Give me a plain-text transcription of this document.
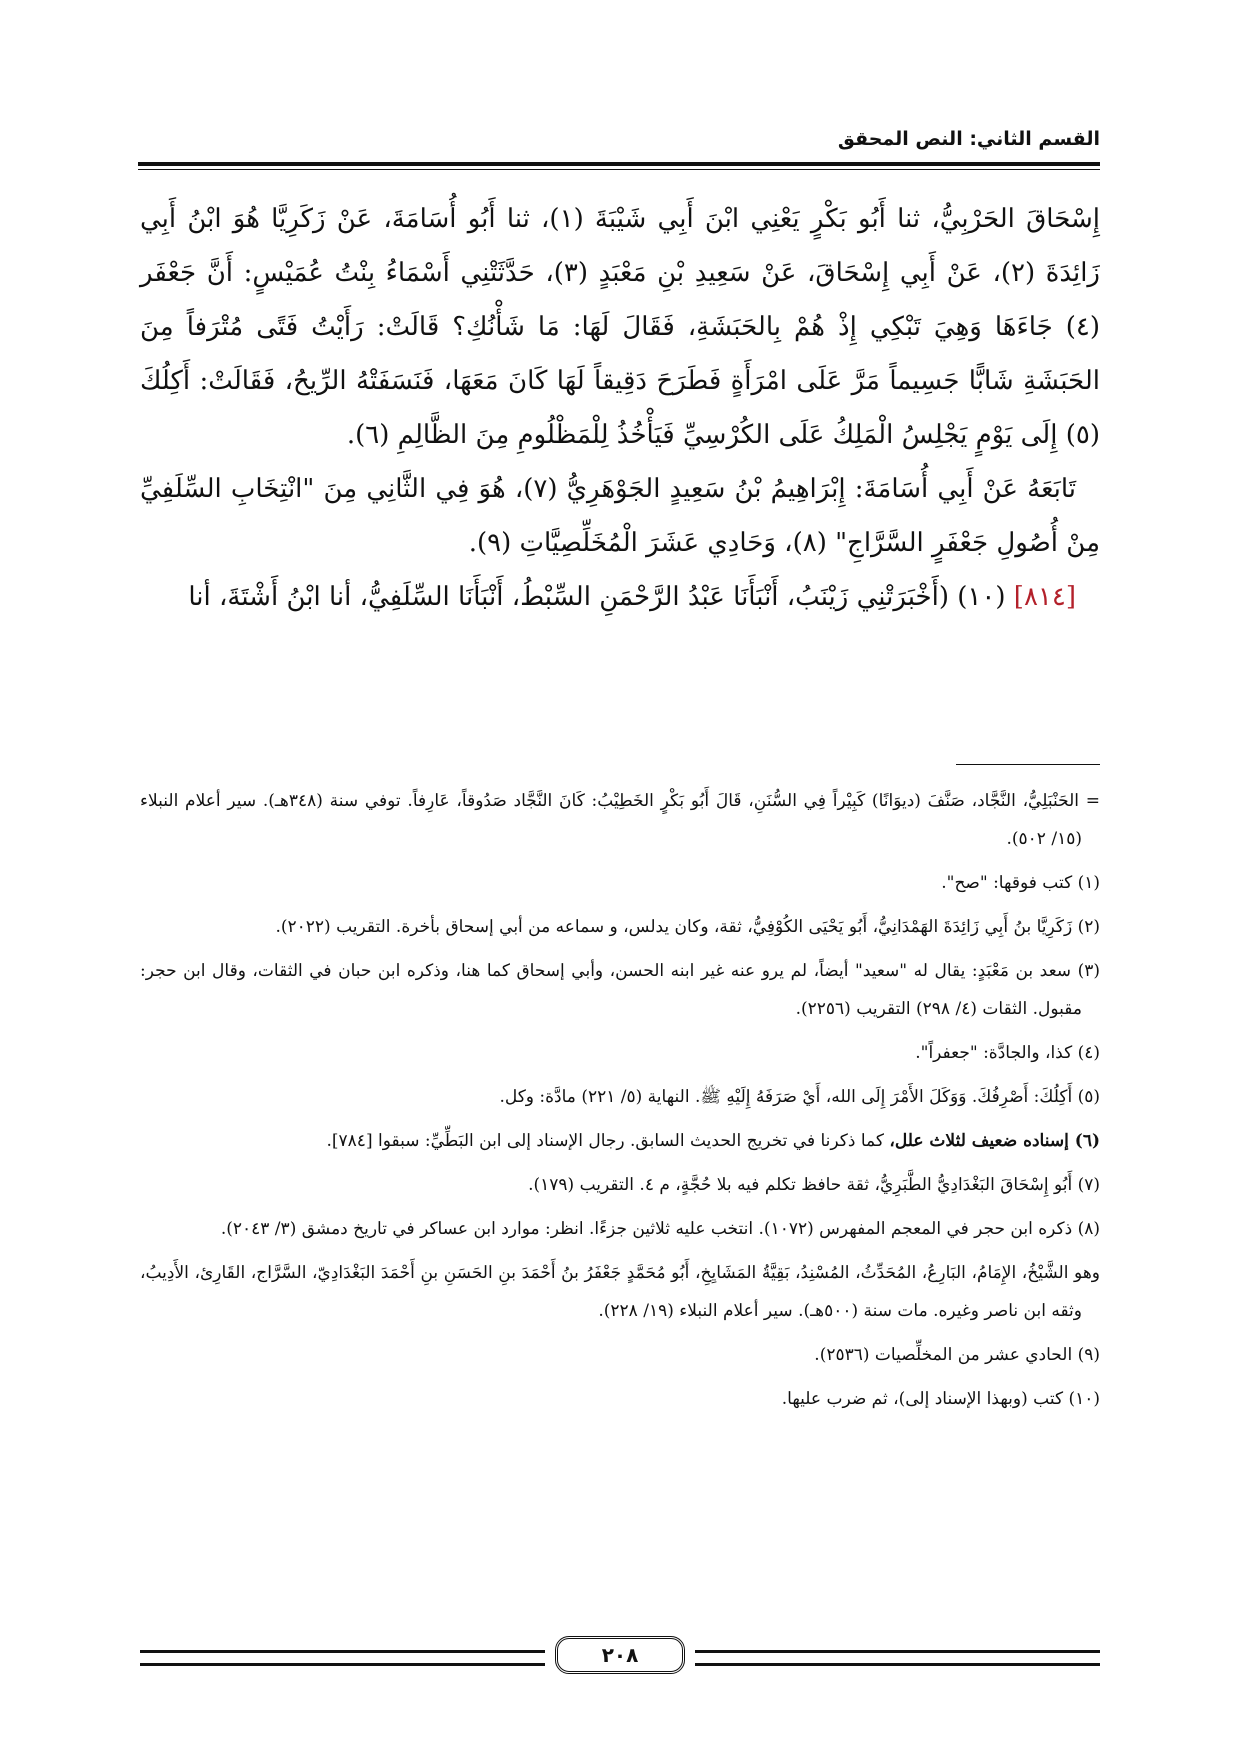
القسم الثاني: النص المحقق

إِسْحَاقَ الحَرْبِيُّ، ثنا أَبُو بَكْرٍ يَعْنِي ابْنَ أَبِي شَيْبَةَ (١)، ثنا أَبُو أُسَامَةَ، عَنْ زَكَرِيَّا هُوَ ابْنُ أَبِي زَائِدَةَ (٢)، عَنْ أَبِي إِسْحَاقَ، عَنْ سَعِيدِ بْنِ مَعْبَدٍ (٣)، حَدَّثَتْنِي أَسْمَاءُ بِنْتُ عُمَيْسٍ: أَنَّ جَعْفَر (٤) جَاءَهَا وَهِيَ تَبْكِي إِذْ هُمْ بِالحَبَشَةِ، فَقَالَ لَهَا: مَا شَأْنُكِ؟ قَالَتْ: رَأَيْتُ فَتًى مُتْرَفاً مِنَ الحَبَشَةِ شَابًّا جَسِيماً مَرَّ عَلَى امْرَأَةٍ فَطَرَحَ دَقِيقاً لَهَا كَانَ مَعَهَا، فَنَسَفَتْهُ الرِّيحُ، فَقَالَتْ: أَكِلُكَ (٥) إِلَى يَوْمٍ يَجْلِسُ الْمَلِكُ عَلَى الكُرْسِيِّ فَيَأْخُذُ لِلْمَظْلُومِ مِنَ الظَّالِمِ (٦).

تَابَعَهُ عَنْ أَبِي أُسَامَةَ: إِبْرَاهِيمُ بْنُ سَعِيدٍ الجَوْهَرِيُّ (٧)، هُوَ فِي الثَّانِي مِنَ "انْتِخَابِ السِّلَفِيِّ مِنْ أُصُولِ جَعْفَرٍ السَّرَّاجِ" (٨)، وَحَادِي عَشَرَ الْمُخَلِّصِيَّاتِ (٩).

[٨١٤] (١٠) (أَخْبَرَتْنِي زَيْنَبُ، أَنْبَأَنَا عَبْدُ الرَّحْمَنِ السِّبْطُ، أَنْبَأَنَا السِّلَفِيُّ، أنا ابْنُ أَشْتَةَ، أنا

= الحَنْبَلِيُّ، النَّجَّاد، صَنَّفَ (ديوَانًا) كَبِيْراً فِي السُّنَنِ، قَالَ أَبُو بَكْرٍ الخَطِيْبُ: كَانَ النَّجَّاد صَدُوقاً، عَارِفاً. توفي سنة (٣٤٨هـ). سير أعلام النبلاء (١٥/ ٥٠٢).

(١) كتب فوقها: "صح".

(٢) زَكَرِيَّا بنُ أَبِي زَائِدَةَ الهَمْدَانِيُّ، أَبُو يَحْيَى الكُوْفِيُّ، ثقة، وكان يدلس، و سماعه من أبي إسحاق بأخرة. التقريب (٢٠٢٢).

(٣) سعد بن مَعْبَدٍ: يقال له "سعيد" أيضاً، لم يرو عنه غير ابنه الحسن، وأبي إسحاق كما هنا، وذكره ابن حبان في الثقات، وقال ابن حجر: مقبول. الثقات (٤/ ٢٩٨) التقريب (٢٢٥٦).

(٤) كذا، والجادَّة: "جعفراً".

(٥) أَكِلُكَ: أَصْرِفُكَ. وَوَكَلَ الأَمْرَ إِلَى الله، أَيْ صَرَفَهُ إِلَيْهِ ﷺ. النهاية (٥/ ٢٢١) مادَّة: وكل.

(٦) إسناده ضعيف لثلاث علل، كما ذكرنا في تخريج الحديث السابق. رجال الإسناد إلى ابن البَطِّيِّ: سبقوا [٧٨٤].

(٧) أَبُو إِسْحَاقَ البَغْدَادِيُّ الطَّبَرِيُّ، ثقة حافظ تكلم فيه بلا حُجَّةٍ، م ٤. التقريب (١٧٩).

(٨) ذكره ابن حجر في المعجم المفهرس (١٠٧٢). انتخب عليه ثلاثين جزءًا. انظر: موارد ابن عساكر في تاريخ دمشق (٣/ ٢٠٤٣).

وهو الشَّيْخُ، الإِمَامُ، البَارِعُ، المُحَدِّثُ، المُسْنِدُ، بَقِيَّةُ المَشَايِخِ، أَبُو مُحَمَّدٍ جَعْفَرُ بنُ أَحْمَدَ بنِ الحَسَنِ بنِ أَحْمَدَ البَغْدَادِيّ، السَّرَّاج، القَارِئ، الأَدِيبُ، وثقه ابن ناصر وغيره. مات سنة (٥٠٠هـ). سير أعلام النبلاء (١٩/ ٢٢٨).

(٩) الحادي عشر من المخلِّصيات (٢٥٣٦).

(١٠) كتب (وبهذا الإسناد إلى)، ثم ضرب عليها.

٢٠٨
